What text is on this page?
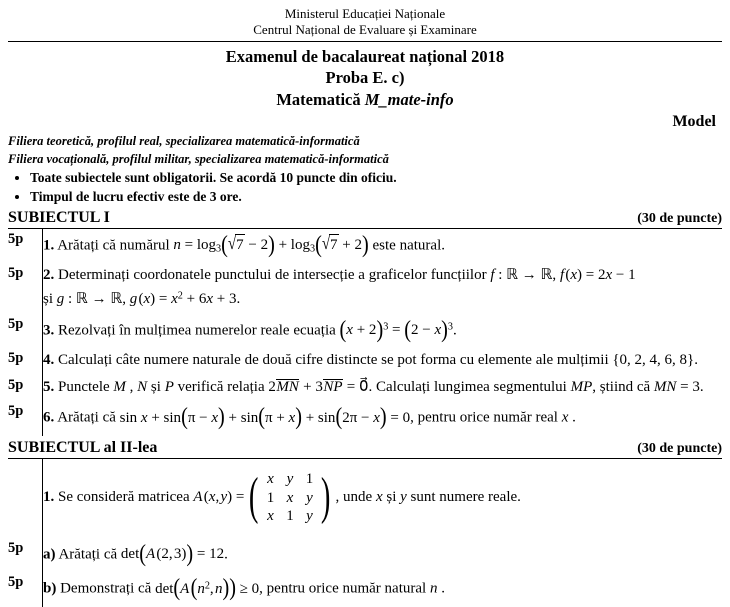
Ministerul Educației Naționale
Centrul Național de Evaluare și Examinare
Examenul de bacalaureat național 2018
Proba E. c)
Matematică M_mate-info
Model
Filiera teoretică, profilul real, specializarea matematică-informatică
Filiera vocațională, profilul militar, specializarea matematică-informatică
• Toate subiectele sunt obligatorii. Se acordă 10 puncte din oficiu.
• Timpul de lucru efectiv este de 3 ore.
SUBIECTUL I	(30 de puncte)
5p	1. Arătați că numărul $n = \log_3(√7 - 2) + \log_3(√7 + 2)$ este natural.
5p	2. Determinați coordonatele punctului de intersecție a graficelor funcțiilor f : ℝ → ℝ, f (x) = 2x − 1
și g : ℝ → ℝ, g $(x) = x^2 + 6x + 3$.

5p	3. Rezolvați în mulțimea numerelor reale ecuația $(x + 2)^3 = (2 - x)^3$.
5p	4. Calculați câte numere naturale de două cifre distincte se pot forma cu elemente ale mulțimii {0, 2, 4, 6, 8}.
5p	5. Punctele M , N și P verifică relația 2MN + 3NP = 0⃗. Calculați lungimea segmentului MP, știind că MN = 3.
5p	6. Arătați că sin x + sin(π − x) + sin(π + x) + sin(2π − x) = 0, pentru orice număr real x .
SUBIECTUL al II-lea	(30 de puncte)

1. Se consideră matricea A (x, y) = ( x	y	1
1	x	y
x	1	y ) , unde x și y sunt numere reale.

5p	a) Arătați că det(A (2, 3)) = 12.
5p	b) Demonstrați că det(A ($n^2$, n)) ≥ 0, pentru orice număr natural n .
